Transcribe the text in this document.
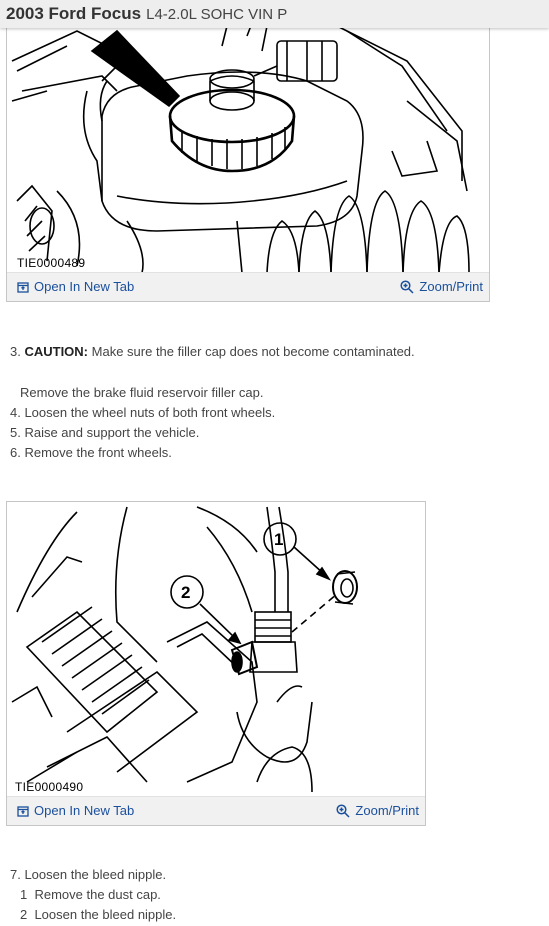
2003 Ford Focus L4-2.0L SOHC VIN P
TIE0000489
Open In New Tab	Zoom/Print
3. CAUTION: Make sure the filler cap does not become contaminated.
Remove the brake fluid reservoir filler cap.
4. Loosen the wheel nuts of both front wheels.
5. Raise and support the vehicle.
6. Remove the front wheels.
1
2
TIE0000490
Open In New Tab	Zoom/Print
7. Loosen the bleed nipple.
1  Remove the dust cap.
2  Loosen the bleed nipple.
